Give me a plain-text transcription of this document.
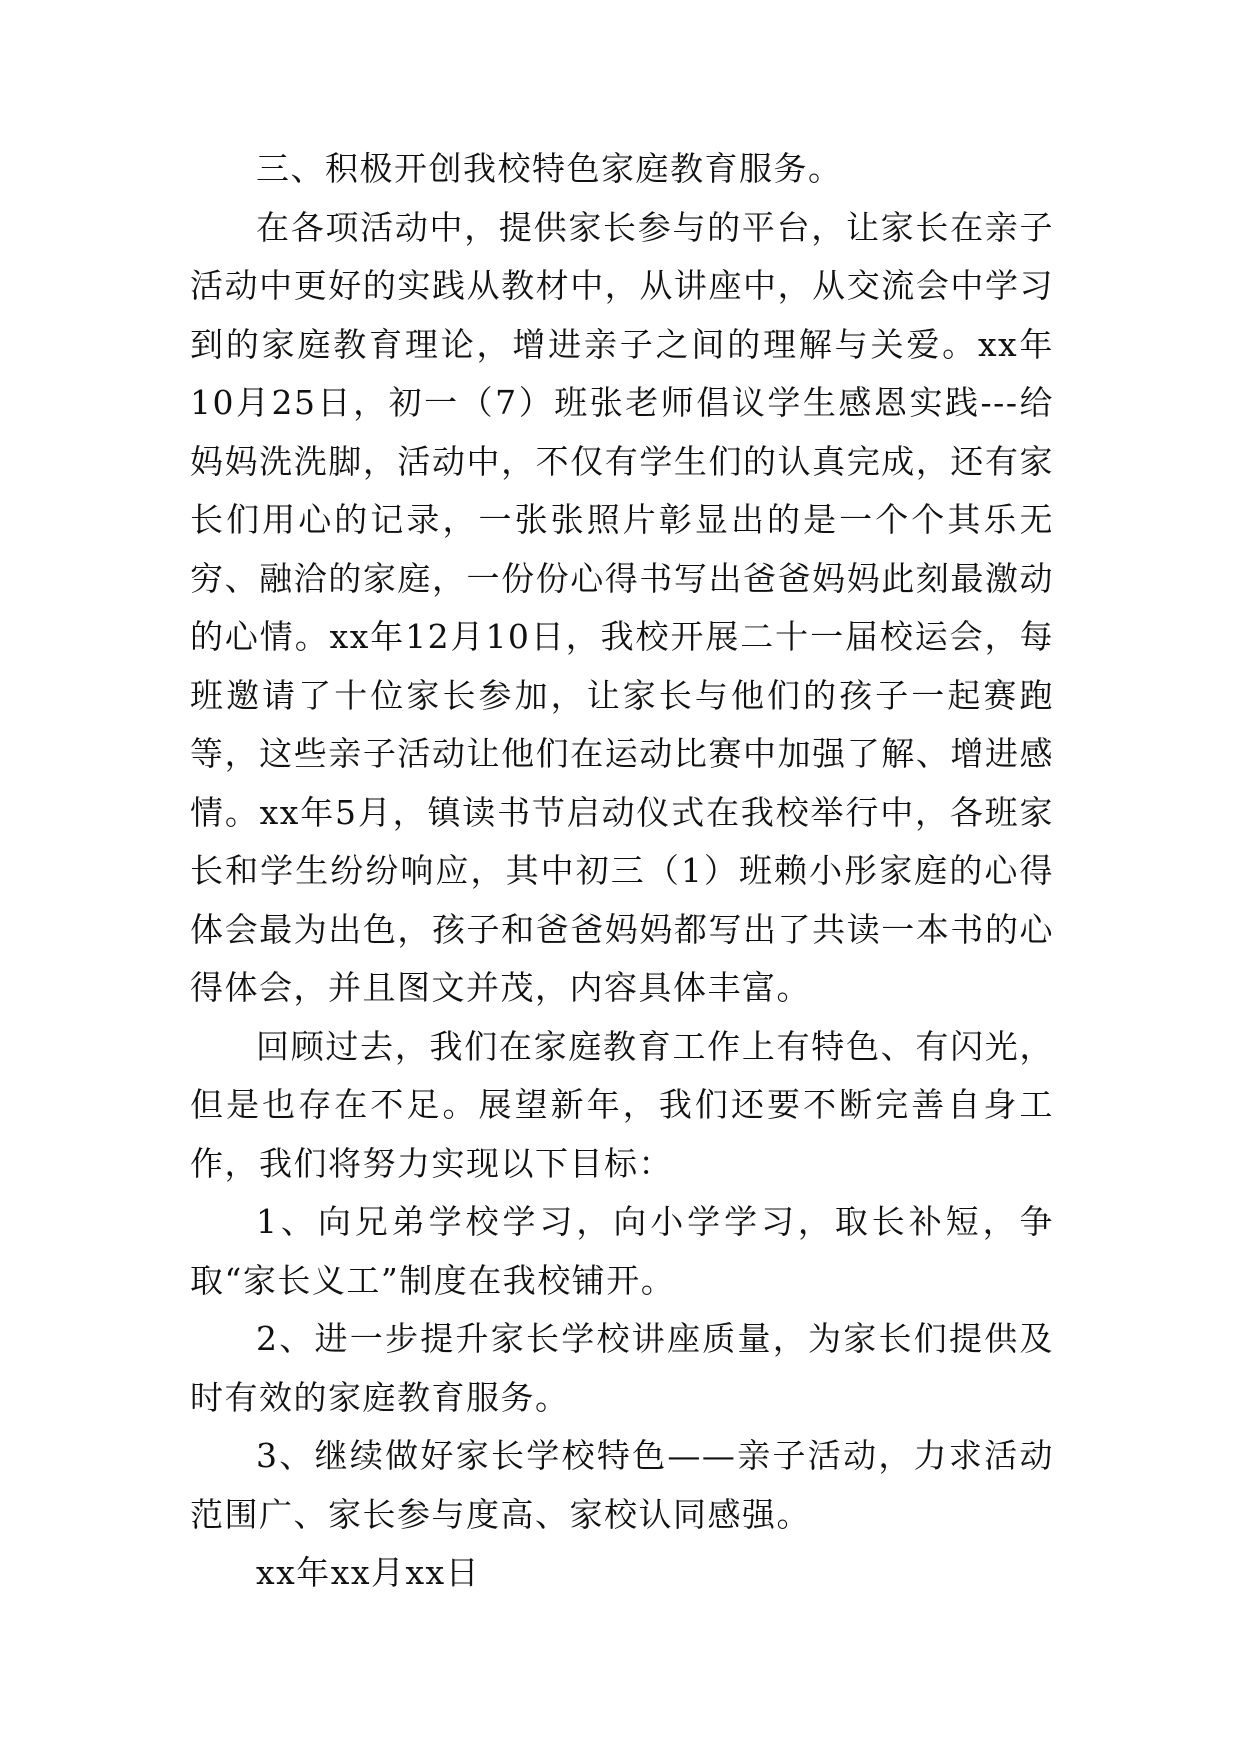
三、积极开创我校特色家庭教育服务。

在各项活动中，提供家长参与的平台，让家长在亲子活动中更好的实践从教材中，从讲座中，从交流会中学习到的家庭教育理论，增进亲子之间的理解与关爱。xx年10月25日，初一（7）班张老师倡议学生感恩实践---给妈妈洗洗脚，活动中，不仅有学生们的认真完成，还有家长们用心的记录，一张张照片彰显出的是一个个其乐无穷、融洽的家庭，一份份心得书写出爸爸妈妈此刻最激动的心情。xx年12月10日，我校开展二十一届校运会，每班邀请了十位家长参加，让家长与他们的孩子一起赛跑等，这些亲子活动让他们在运动比赛中加强了解、增进感情。xx年5月，镇读书节启动仪式在我校举行中，各班家长和学生纷纷响应，其中初三（1）班赖小彤家庭的心得体会最为出色，孩子和爸爸妈妈都写出了共读一本书的心得体会，并且图文并茂，内容具体丰富。

回顾过去，我们在家庭教育工作上有特色、有闪光，但是也存在不足。展望新年，我们还要不断完善自身工作，我们将努力实现以下目标：

1、向兄弟学校学习，向小学学习，取长补短，争取“家长义工”制度在我校铺开。

2、进一步提升家长学校讲座质量，为家长们提供及时有效的家庭教育服务。

3、继续做好家长学校特色——亲子活动，力求活动范围广、家长参与度高、家校认同感强。

xx年xx月xx日
